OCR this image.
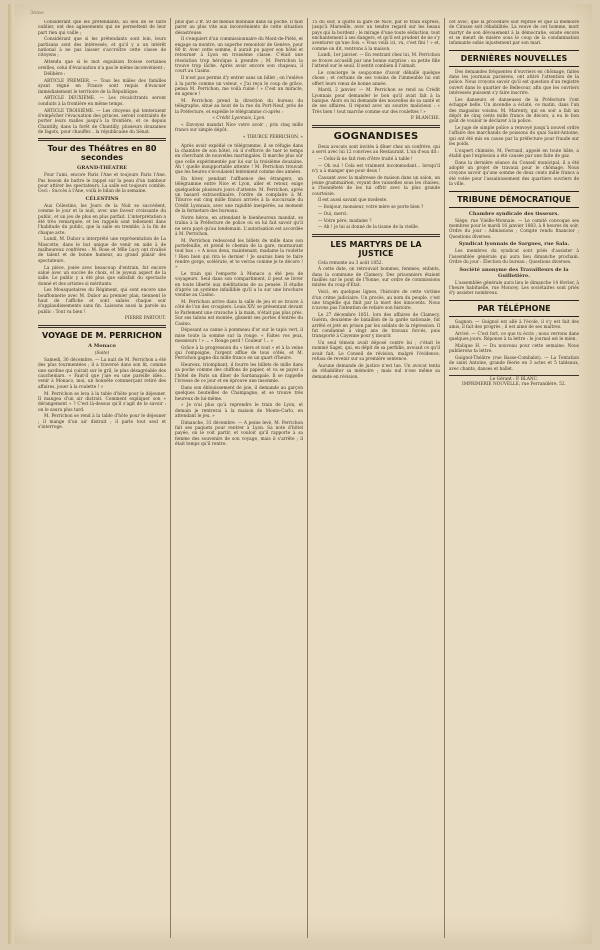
3ème

Considérant que les prétendants, au lieu de se faire oublier, ont des agissements qui ne permettent de leur part rien qui vaille ;

Considérant que si les prétendants sont loin, leurs partisans sont des intéressés, et qu'il y a un intérêt national à ne pas laisser s'accroître cette classe de citoyens ;

Attendu que si le mot expulsion froisse certaines oreilles, celui d'évacuation n'a pas le même inconvénient ;

Délibère :

ARTICLE PREMIER. — Tous les mâles des familles ayant régné en France sont requis d'évacuer immédiatement le territoire de la République.

ARTICLE DEUXIÈME. — Les récalcitrants seront conduits à la frontière en même temps.

ARTICLE TROISIÈME. — Les citoyens qui tenteraient d'empêcher l'évacuation des princes, seront contraints de porter leurs malles jusqu'à la frontière, et ce depuis Chantilly, dans la forêt de Chantilly, plusieurs douzaines de fagots, pour chauffer... la républicaine du Sénat.

Tour des Théâtres en 80 secondes
GRAND-THÉATRE

Pour l'ami, encore Paris l'Ane et toujours Paris l'Ane. Pas besoin de battre le rappel sur la peau d'un tambour pour attirer les spectateurs. La salle est toujours comble. Ceci : Succès à l'Ane, voilà le bilan de la semaine.

CÉLESTINS

Aux Célestins, les Jours de la Nuit se succèdent, comme le jour et la nuit, avec une faveur croissante du public, et un jeu de plus en plus parfait. L'interprétation a été très remarquée, et les rappels sont tellement dans l'habitude du public, que la salle en tremble, à la fin de chaque acte.

Lundi, M. Dubor a interprété une représentation de La Mascotte, dans le but unique de venir en aide à de malheureux confrères : M. Rose et Mlle Lucy ont rivalisé de talent et de bonne humeur, au grand plaisir des spectateurs.

La pièce, jouée avec beaucoup d'entrain, fut encore salué avec un succès de choix, et le joyeux aspect de la salle. Le public y a été plus que satisfait du spectacle donné et des artistes si méritants.

Les Mousquetaires du Régiment, qui sont encore une bouffonnerie avec M. Dubor au premier plan, tiennent le haut de l'affiche et sont salués chaque soir d'applaudissements sans fin. Laissons aussi la parole au public : Tout va bien !

PIERRE PARTOUT.
VOYAGE DE M. PERRICHON
A Monaco
(Suite)

Samedi, 30 décembre. — La nuit de M. Perrichon a été des plus tourmentées ; il a traversé dans son lit, comme une sardine qui cuirait sur le gril, le plus désagréable des cauchemars. « Faut-il que j'aie eu une pareille idée... venir à Monaco, moi, un honnête commerçant retiré des affaires, jouer à la roulette ! »

M. Perrichon se leva à la table d'hôte pour le déjeuner. Il mangea d'un air distrait. Comment expliquer son « dérangement » ? C'est là-dessus qu'il s'agit de le savoir : on le saura plus tard.

M. Perrichon se rend à la table d'hôte pour le déjeuner ; il mange d'un air distrait ; il parle tout seul et s'interroge.

plus que 2 fr. 50 de menue monnaie dans sa poche. Il faut parer au plus vite aux inconvénients de cette situation désastreuse.

Il s'enquiert d'un commissionnaire du Mont-de-Piété, et engage sa montre, un superbe remontoir de Genève, pour 80 fr. Avec cette somme, il aurait pu payer son hôtel et retourner à Lyon en troisième classe. C'était une résolution trop héroïque à prendre ; M. Perrichon la trouve trop lâche. Après avoir encore son chapeau, il court au Casino.

Il n'est pas permis d'y entrer sans un billet ; on l'enlève à la porte comme un voleur. « J'ai reçu le coup de grâce, pensa M. Perrichon, me voilà ruiné ! » C'est un miracle, en agence !

M. Perrichon prend la direction du bureau du télégraphe, situé au bout de la rue du Port-Neuf, près de la Préfecture, et expédie le télégramme ci-après :

« Crédit Lyonnais, Lyon.

« Envoyez mandat Nice votre avoir ; pris cinq mille francs sur simple dépôt.

« TIBURCE PERRICHON. »

Après avoir expédié ce télégramme, il se réfugie dans la chambre de son hôtel, où il s'efforce de tuer le temps en cherchant de nouvelles martingales. Il marche plus sûr que celle expérimentée par lui sur la troisième douzaine. Ah ! quelle insupportable attente ! M. Perrichon trouvait que les heures s'écoulaient lentement comme des années.

En hiver, pendant l'affluence des étrangers, un télégramme entre Nice et Lyon, aller et retour, exige quelquefois plusieurs jours d'attente. M. Perrichon, après un hasard extraordinaire, l'ordre de complaire à M. Tiburce eut cinq mille francs arrivés à la succursale du Crédit Lyonnais, avec une rapidité inespérée, au moment de la fermeture des bureaux.

Notre héros, en attendant le bienheureux mandat, se traîna à la Préfecture de police où on lui fait savoir qu'il ne sera payé qu'au lendemain. L'autorisation est accordée à M. Perrichon.

M. Perrichon redescend les billets de mille dans son portefeuille, et prend le chemin de la gare, murmurant tout bas : « A nous deux, maintenant, madame la roulette ! Rien bien qui rira le dernier ! Je saurais bien te faire rendre gorge, scélérate, et te verras comme je te décore ! »

Le train qui l'emporte à Monaco a été peu de voyageurs. Seul dans son compartiment, il peut se livrer en toute liberté aux méditations de sa pensée. Il étudie d'après un système infaillible qu'il a lu sur une brochure vendue au Casino.

M. Perrichon arrive dans la salle de jeu et se trouve à côté de l'un des croupiers. Louis XIV, se présentant devant le Parlement une cravache à la main, n'était pas plus près. Sur ses talons est montée, glissent ses portes d'entrée du Casino.

Déposant sa canne à pommeau d'or sur le tapis vert, il mise toute la somme sur la rouge. « Faites vos jeux, messieurs ! » ... « Rouge perd ! Couleur !... »

Grâce à la progression du « tiers et tout » et à la veine qui l'empoigne, l'argent afflue de tous côtés, et M. Perrichon gagne dix mille francs en un quart d'heure.

Heureux, triomphant, il fourre les billets de mille dans sa poche comme des chiffons de papier, et va se payer à l'hôtel de Paris un dîner de Sardanapale. Il se rappelle l'ivresse de ce jour et en éprouve une insomnie.

Dans son éblouissement de joie, il demande au garçon quelques bouteilles de Champagne, et se trouve très heureux de lui-même.

« Je n'ai plus qu'à reprendre le train de Lyon, et demain je rentrerai à la maison de Monte-Carlo, en attendant le jeu. »

Dimanche, 31 décembre. — A peine levé, M. Perrichon fait ses paquets pour rentrer à Lyon. Sa note d'hôtel payée, on le voit partir, et vouloir qu'il rapporte à sa femme des souvenirs de son voyage, mais il s'arrête ; il était temps qu'il rentre.

15 du soir, il quitte la gare de Nice, par le train express, jusqu'à Marseille, avec un tendre regard sur les beaux pays qui la bordent ; le mirage d'une toute séduction, tout enchantement à ses dangers, et qu'il est prudent de ne s'y aventurer qu'une fois. « Vous voilà ici, vu, c'est fini ! » et, comme on dit, rentrons à la maison.

Lundi, 1er janvier. — En rentrant chez lui, M. Perrichon se trouve accueilli par une bonne surprise : sa petite fille l'attend sur le seuil. Il sentit combien il l'aimait.

Le concierge le soupçonne d'avoir déballé quelque chose ; et certains de ses voisins de l'immeuble lui ont offert leurs vœux de bonne année.

Mardi, 2 janvier. — M. Perrichon se rend au Crédit Lyonnais pour demander le bon qu'il avait fait à la banque. Alors on lui demande des nouvelles de sa santé et de ses affaires. Il répond avec un sourire malicieux : « Très bien ! tout marche comme sur des roulettes ! »

P. BLANCHE.
GOGNANDISES

Deux avocats sont invités à dîner chez un confrère, qui a servi avec lui 12 convives au Restaurant. L'un d'eux dit :

— Celui-là ne fait rien d'être traité à table !

— Oh oui ! Cela est vraiment incommodant... lorsqu'il n'y a à manger que pour deux !

Causant avec la maîtresse de maison dans un salon, un jeune grammairien, voyant des vaisselles sous les chaises, a l'honnêteté de les lui offrir avec la plus grande courtoisie.

Il est aussi savant que modeste.

— Bonjour, monsieur, votre mère se porte bien ?

— Oui, merci.

— Votre père, madame ?

— Ah ! je lui ai donné de la tisane de la vieille.

LES MARTYRS DE LA JUSTICE

Cela remonte au 3 août 1852.

À cette date, on retrouvait hommes, femmes, enfants, dans la commune de Clamecy. Des prisonniers étaient fusillés sur le pont de l'Yonne, sur ordre de commissions mixtes du coup d'État.

Voici, en quelques lignes, l'histoire de cette victime d'un crime judiciaire. Un procès, au nom du peuple, c'est une tragédie qui finit par la mort des innocents. Nous n'avons pas l'intention de refaire son histoire.

Le 27 décembre 1851, lors des affaires de Clamecy, Guérin, deuxième de bataillon de la garde nationale, fut arrêté et jeté en prison par les soldats de la répression. Il fut condamné à vingt ans de travaux forcés, puis transporté à Cayenne pour y mourir.

Un seul témoin avait déposé contre lui ; c'était le nommé Saget, qui, en dépit de sa perfidie, avouait ce qu'il avait fait. Le Conseil de révision, malgré l'évidence, refusa de revenir sur sa première sentence.

Aucune demande de justice n'est lue. Un avocat tenta de réhabiliter sa mémoire ; mais nul n'ose même sa demande en révision.

cet avec, que la procédure soit reprise et que la mémoire de Cirasse soit réhabilitée. La veuve de cet homme, mort martyr de son dévouement à la démocratie, existe encore et se meurt de misère sous le coup de la condamnation infamante subie injustement par son mari.

DERNIÈRES NOUVELLES

Des demandes fréquentes d'ouvriers en chômage, faites dans les journaux parisiens, ont attiré l'attention de la police. Nous croyons savoir qu'il est question d'un registre ouvert dans le quartier de Bellecour, afin que les ouvriers intéressés puissent s'y faire inscrire.

Les danseurs et danseuses de la Préfecture l'ont échappé belle. Un incendie a éclaté, ce matin, dans l'un des magasins voisins. M. Marenty, qui en soir a fait un dépôt de cinq cents mille francs de décors, a eu le bon goût de vouloir le déclarer à la police.

Le juge de simple police a renvoyé jusqu'à nouvel ordre l'affaire des marchands de poissons du quai Saint-Antoine, qui ont été mis en cause par la préfecture pour fraude sur les poids.

L'expert chimiste, M. Ferrand, appelé en toute hâte, a établi que l'explosion a été causée par une fuite de gaz.

Dans la dernière séance du Conseil municipal, il a été adopté un projet de travaux pour le chômage. Nous croyons savoir qu'une somme de deux cents mille francs a été votée pour l'assainissement des quartiers ouvriers de la ville.

TRIBUNE DÉMOCRATIQUE
Chambre syndicale des tisseurs.

Siège, rue Vieille-Monnaie. — Le comité convoque ses membres pour le mardi 16 janvier 1883, à 8 heures du soir. Ordre du jour : Admissions ; Compte rendu financier ; Questions diverses.

Syndicat lyonnais de Sargues, rue Sala.

Les membres du syndicat sont priés d'assister à l'assemblée générale qui aura lieu dimanche prochain. Ordre du jour : Élection du bureau ; Questions diverses.

Société anonyme des Travailleurs de la Guillotière.

L'assemblée générale aura lieu le dimanche 14 février, à l'heure habituelle, rue Moncey. Les sociétaires sont priés d'y assister nombreux.

PAR TÉLÉPHONE

Gagnon. — Guignol est allé à l'école, il s'y est fait des amis, il fait des progrès ; il est aimé de ses maîtres.

Arrivé. — C'est fort, ce que tu écris ; nous verrons dans quelques jours. Réponse à ta lettre : le journal est le mien.

Malique H. — Du nouveau pour cette semaine. Nous publierons ta lettre.

Guignol-Théâtre (rue Basse-Combalot). — La Tentation de saint Antoine, grande féerie en 3 actes et 5 tableaux, avec chants, danses et ballet.

Le Gérant : P. BLANC.
IMPRIMERIE NOUVELLE, rue Ferrandière, 52.
